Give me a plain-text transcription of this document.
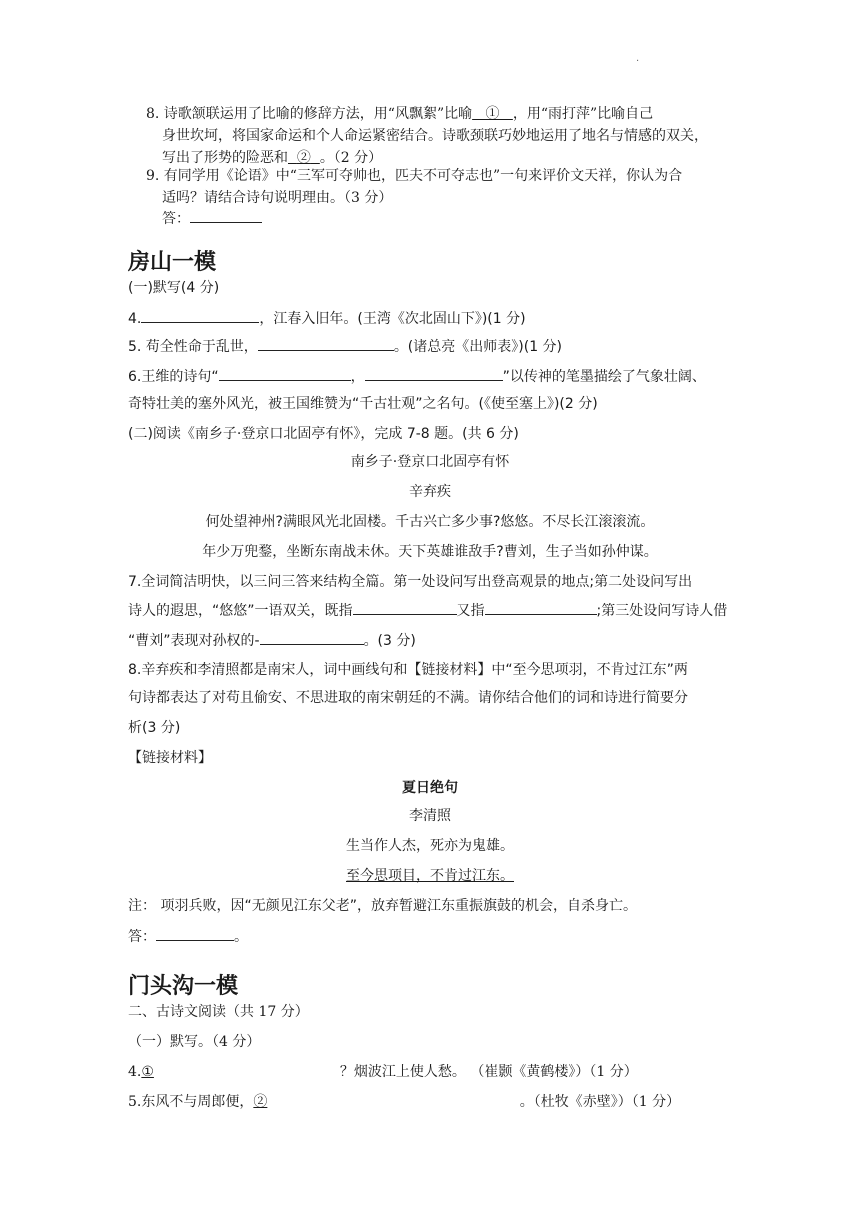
·
8. 诗歌颔联运用了比喻的修辞方法，用“风飘絮”比喻 ① ，用“雨打萍”比喻自己
身世坎坷，将国家命运和个人命运紧密结合。诗歌颈联巧妙地运用了地名与情感的双关，
写出了形势的险恶和 ② 。（2 分）
9. 有同学用《论语》中“三军可夺帅也，匹夫不可夺志也”一句来评价文天祥，你认为合
适吗？请结合诗句说明理由。（3 分）
答：
房山一模
(一)默写(4 分)
4.	，江春入旧年。(王湾《次北固山下》)(1 分)
5. 苟全性命于乱世，	。(诸总亮《出师表》)(1 分)
6.王维的诗句“	，	”以传神的笔墨描绘了气象壮阔、
奇特壮美的塞外风光，被王国维赞为“千古壮观”之名句。(《使至塞上》)(2 分)
(二)阅读《南乡子·登京口北固亭有怀》，完成 7-8 题。(共 6 分)
南乡子·登京口北固亭有怀
辛弃疾
何处望神州?满眼风光北固楼。千古兴亡多少事?悠悠。不尽长江滚滚流。
年少万兜鍪，坐断东南战未休。天下英雄谁敌手?曹刘，生子当如孙仲谋。
7.全词简洁明快，以三问三答来结构全篇。第一处设问写出登高观景的地点;第二处设问写出
诗人的遐思，“悠悠”一语双关，既指	又指	;第三处设问写诗人借
“曹刘”表现对孙权的-	。(3 分)
8.辛弃疾和李清照都是南宋人，词中画线句和【链接材料】中“至今思项羽，不肯过江东”两
句诗都表达了对苟且偷安、不思进取的南宋朝廷的不满。请你结合他们的词和诗进行简要分
析(3 分)
【链接材料】
夏日绝句
李清照
生当作人杰，死亦为鬼雄。
至今思项目，不肯过江东。
注： 项羽兵败，因“无颜见江东父老”，放弃暂避江东重振旗鼓的机会，自杀身亡。
答：	。
门头沟一模
二、古诗文阅读（共 17 分）
（一）默写。（4 分）
4.①	？烟波江上使人愁。 （崔颢《黄鹤楼》）（1 分）
5.东风不与周郎便，②	。（杜牧《赤壁》）（1 分）
